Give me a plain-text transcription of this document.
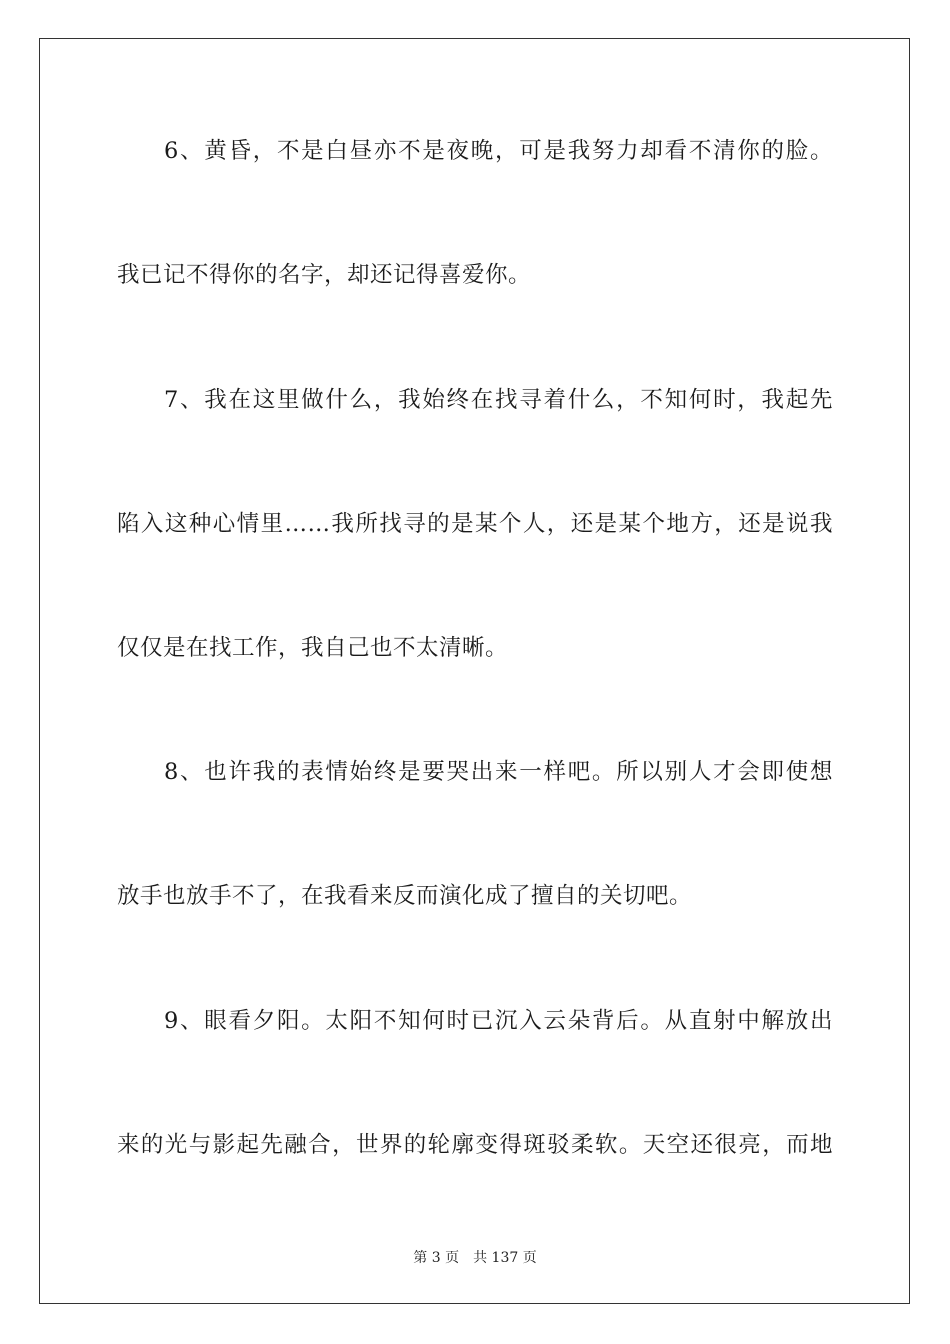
6、黄昏，不是白昼亦不是夜晚，可是我努力却看不清你的脸。
我已记不得你的名字，却还记得喜爱你。
7、我在这里做什么，我始终在找寻着什么，不知何时，我起先
陷入这种心情里……我所找寻的是某个人，还是某个地方，还是说我
仅仅是在找工作，我自己也不太清晰。
8、也许我的表情始终是要哭出来一样吧。所以别人才会即使想
放手也放手不了，在我看来反而演化成了擅自的关切吧。
9、眼看夕阳。太阳不知何时已沉入云朵背后。从直射中解放出
来的光与影起先融合，世界的轮廓变得斑驳柔软。天空还很亮，而地
第 3 页 共 137 页
